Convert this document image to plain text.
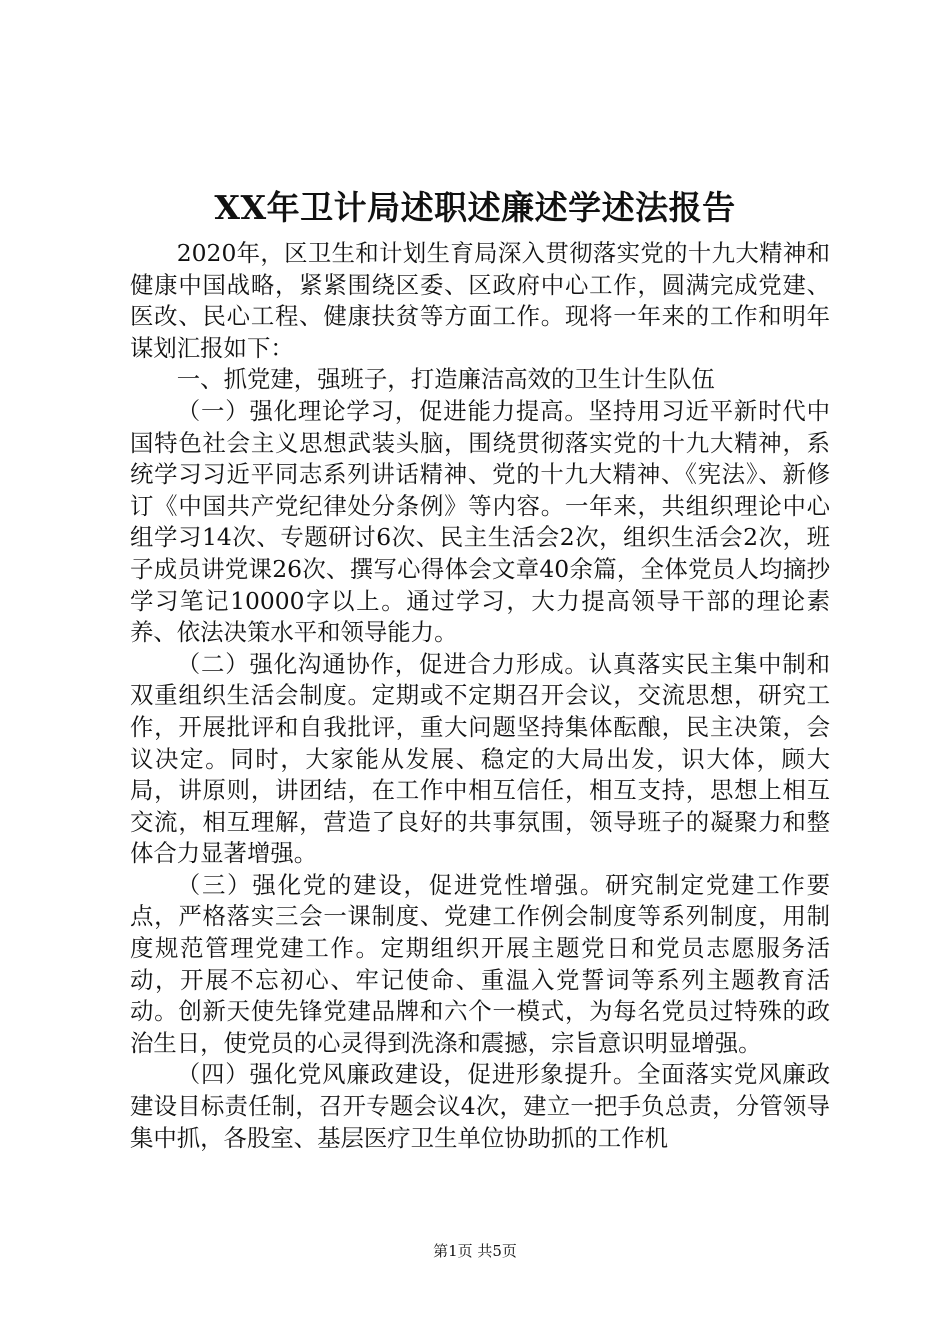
XX年卫计局述职述廉述学述法报告

2020年，区卫生和计划生育局深入贯彻落实党的十九大精神和健康中国战略，紧紧围绕区委、区政府中心工作，圆满完成党建、医改、民心工程、健康扶贫等方面工作。现将一年来的工作和明年谋划汇报如下：

一、抓党建，强班子，打造廉洁高效的卫生计生队伍

（一）强化理论学习，促进能力提高。坚持用习近平新时代中国特色社会主义思想武装头脑，围绕贯彻落实党的十九大精神，系统学习习近平同志系列讲话精神、党的十九大精神、《宪法》、新修订《中国共产党纪律处分条例》等内容。一年来，共组织理论中心组学习14次、专题研讨6次、民主生活会2次，组织生活会2次，班子成员讲党课26次、撰写心得体会文章40余篇，全体党员人均摘抄学习笔记10000字以上。通过学习，大力提高领导干部的理论素养、依法决策水平和领导能力。

（二）强化沟通协作，促进合力形成。认真落实民主集中制和双重组织生活会制度。定期或不定期召开会议，交流思想，研究工作，开展批评和自我批评，重大问题坚持集体酝酿，民主决策，会议决定。同时，大家能从发展、稳定的大局出发，识大体，顾大局，讲原则，讲团结，在工作中相互信任，相互支持，思想上相互交流，相互理解，营造了良好的共事氛围，领导班子的凝聚力和整体合力显著增强。

（三）强化党的建设，促进党性增强。研究制定党建工作要点，严格落实三会一课制度、党建工作例会制度等系列制度，用制度规范管理党建工作。定期组织开展主题党日和党员志愿服务活动，开展不忘初心、牢记使命、重温入党誓词等系列主题教育活动。创新天使先锋党建品牌和六个一模式，为每名党员过特殊的政治生日，使党员的心灵得到洗涤和震撼，宗旨意识明显增强。

（四）强化党风廉政建设，促进形象提升。全面落实党风廉政建设目标责任制，召开专题会议4次，建立一把手负总责，分管领导集中抓，各股室、基层医疗卫生单位协助抓的工作机

第1页 共5页
